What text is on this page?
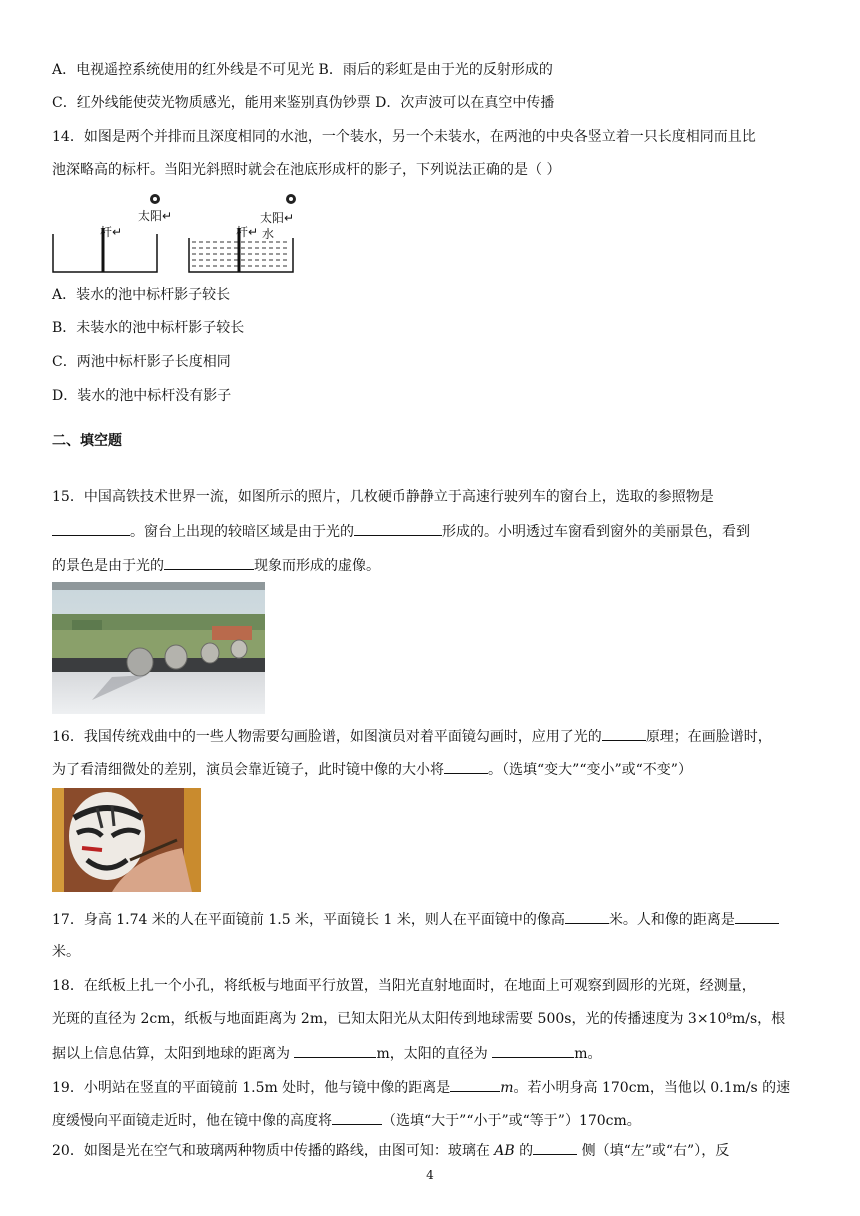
A．电视遥控系统使用的红外线是不可见光 B．雨后的彩虹是由于光的反射形成的
C．红外线能使荧光物质感光，能用来鉴别真伪钞票 D．次声波可以在真空中传播
14．如图是两个并排而且深度相同的水池，一个装水，另一个未装水，在两池的中央各竖立着一只长度相同而且比
池深略高的标杆。当阳光斜照时就会在池底形成杆的影子，下列说法正确的是（ ）
太阳↵
杆↵
太阳↵
杆↵ 水
A．装水的池中标杆影子较长
B．未装水的池中标杆影子较长
C．两池中标杆影子长度相同
D．装水的池中标杆没有影子
二、填空题
15．中国高铁技术世界一流，如图所示的照片，几枚硬币静静立于高速行驶列车的窗台上，选取的参照物是
。窗台上出现的较暗区域是由于光的	形成的。小明透过车窗看到窗外的美丽景色，看到
的景色是由于光的	现象而形成的虚像。
16．我国传统戏曲中的一些人物需要勾画脸谱，如图演员对着平面镜勾画时，应用了光的	原理；在画脸谱时，
为了看清细微处的差别，演员会靠近镜子，此时镜中像的大小将	。（选填“变大”“变小”或“不变”）
17．身高 1.74 米的人在平面镜前 1.5 米，平面镜长 1 米，则人在平面镜中的像高	米。人和像的距离是
米。
18．在纸板上扎一个小孔，将纸板与地面平行放置，当阳光直射地面时，在地面上可观察到圆形的光斑，经测量，
光斑的直径为 2cm，纸板与地面距离为 2m，已知太阳光从太阳传到地球需要 500s，光的传播速度为 3×10⁸m/s，根
据以上信息估算，太阳到地球的距离为	m，太阳的直径为	m。
19．小明站在竖直的平面镜前 1.5m 处时，他与镜中像的距离是	m。若小明身高 170cm，当他以 0.1m/s 的速
度缓慢向平面镜走近时，他在镜中像的高度将	（选填“大于”“小于”或“等于”）170cm。
20．如图是光在空气和玻璃两种物质中传播的路线，由图可知：玻璃在 AB 的	侧（填“左”或“右”），反
4
